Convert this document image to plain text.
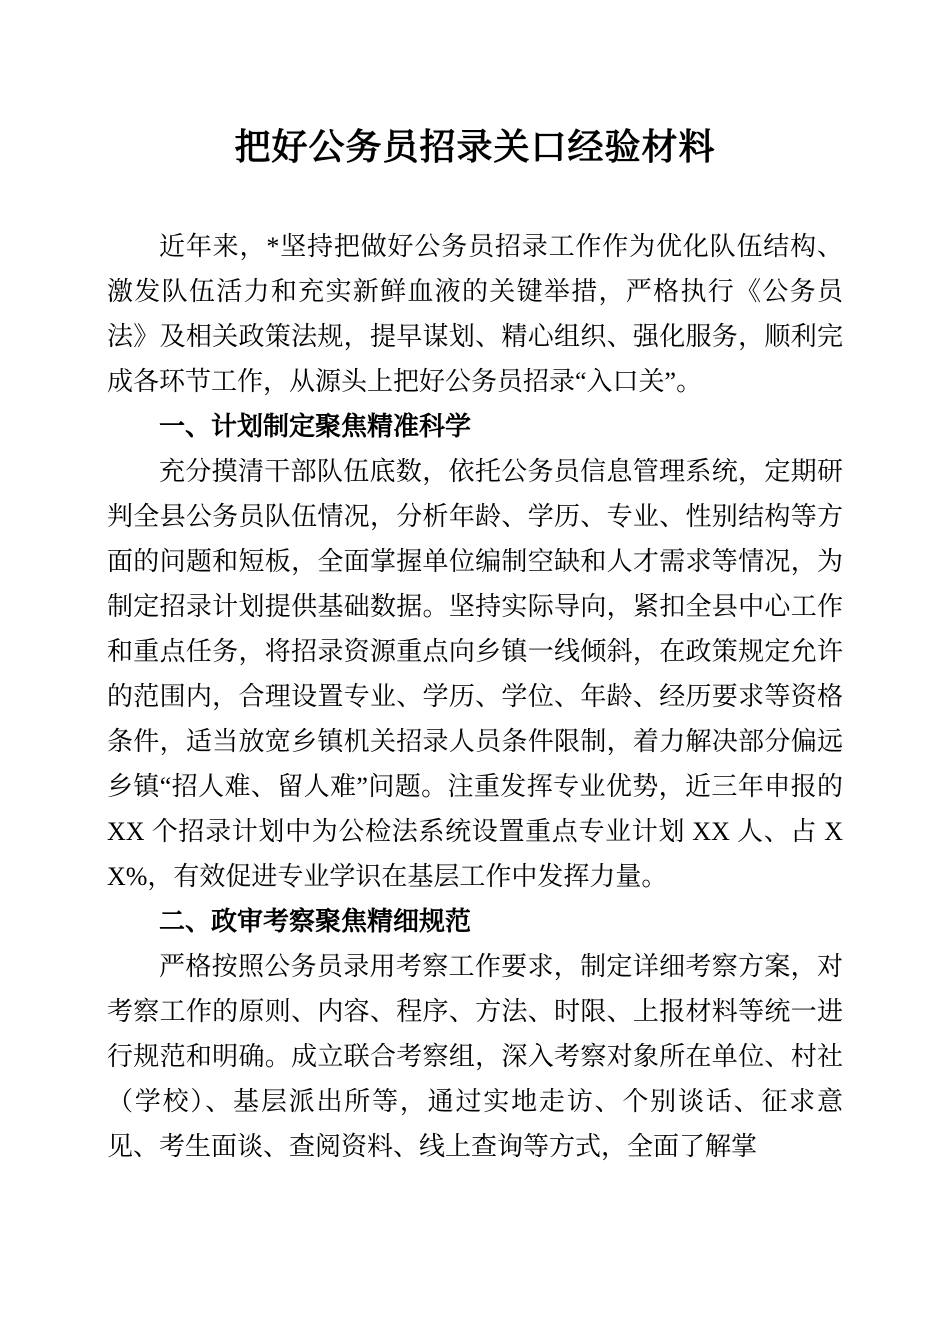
把好公务员招录关口经验材料

近年来，*坚持把做好公务员招录工作作为优化队伍结构、激发队伍活力和充实新鲜血液的关键举措，严格执行《公务员法》及相关政策法规，提早谋划、精心组织、强化服务，顺利完成各环节工作，从源头上把好公务员招录“入口关”。

一、计划制定聚焦精准科学

充分摸清干部队伍底数，依托公务员信息管理系统，定期研判全县公务员队伍情况，分析年龄、学历、专业、性别结构等方面的问题和短板，全面掌握单位编制空缺和人才需求等情况，为制定招录计划提供基础数据。坚持实际导向，紧扣全县中心工作和重点任务，将招录资源重点向乡镇一线倾斜，在政策规定允许的范围内，合理设置专业、学历、学位、年龄、经历要求等资格条件，适当放宽乡镇机关招录人员条件限制，着力解决部分偏远乡镇“招人难、留人难”问题。注重发挥专业优势，近三年申报的 XX 个招录计划中为公检法系统设置重点专业计划 XX 人、占 XX%，有效促进专业学识在基层工作中发挥力量。

二、政审考察聚焦精细规范

严格按照公务员录用考察工作要求，制定详细考察方案，对考察工作的原则、内容、程序、方法、时限、上报材料等统一进行规范和明确。成立联合考察组，深入考察对象所在单位、村社（学校）、基层派出所等，通过实地走访、个别谈话、征求意见、考生面谈、查阅资料、线上查询等方式，全面了解掌
